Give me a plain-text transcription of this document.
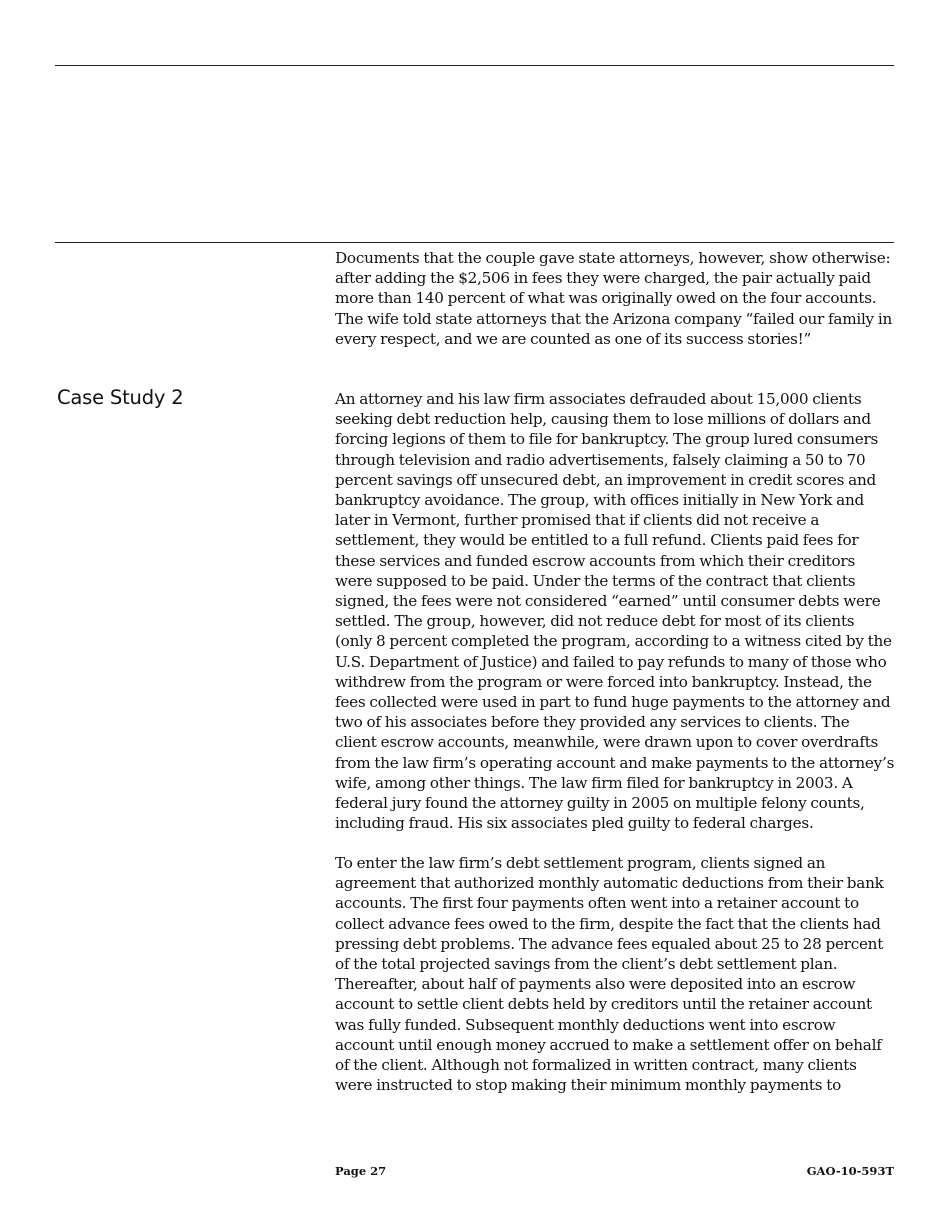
Documents that the couple gave state attorneys, however, show otherwise: after adding the $2,506 in fees they were charged, the pair actually paid more than 140 percent of what was originally owed on the four accounts. The wife told state attorneys that the Arizona company “failed our family in every respect, and we are counted as one of its success stories!”

Case Study 2	An attorney and his law firm associates defrauded about 15,000 clients seeking debt reduction help, causing them to lose millions of dollars and forcing legions of them to file for bankruptcy. The group lured consumers through television and radio advertisements, falsely claiming a 50 to 70 percent savings off unsecured debt, an improvement in credit scores and bankruptcy avoidance. The group, with offices initially in New York and later in Vermont, further promised that if clients did not receive a settlement, they would be entitled to a full refund. Clients paid fees for these services and funded escrow accounts from which their creditors were supposed to be paid. Under the terms of the contract that clients signed, the fees were not considered “earned” until consumer debts were settled. The group, however, did not reduce debt for most of its clients (only 8 percent completed the program, according to a witness cited by the U.S. Department of Justice) and failed to pay refunds to many of those who withdrew from the program or were forced into bankruptcy. Instead, the fees collected were used in part to fund huge payments to the attorney and two of his associates before they provided any services to clients. The client escrow accounts, meanwhile, were drawn upon to cover overdrafts from the law firm’s operating account and make payments to the attorney’s wife, among other things. The law firm filed for bankruptcy in 2003. A federal jury found the attorney guilty in 2005 on multiple felony counts, including fraud. His six associates pled guilty to federal charges.

To enter the law firm’s debt settlement program, clients signed an agreement that authorized monthly automatic deductions from their bank accounts. The first four payments often went into a retainer account to collect advance fees owed to the firm, despite the fact that the clients had pressing debt problems. The advance fees equaled about 25 to 28 percent of the total projected savings from the client’s debt settlement plan. Thereafter, about half of payments also were deposited into an escrow account to settle client debts held by creditors until the retainer account was fully funded. Subsequent monthly deductions went into escrow account until enough money accrued to make a settlement offer on behalf of the client. Although not formalized in written contract, many clients were instructed to stop making their minimum monthly payments to

Page 27	GAO-10-593T
